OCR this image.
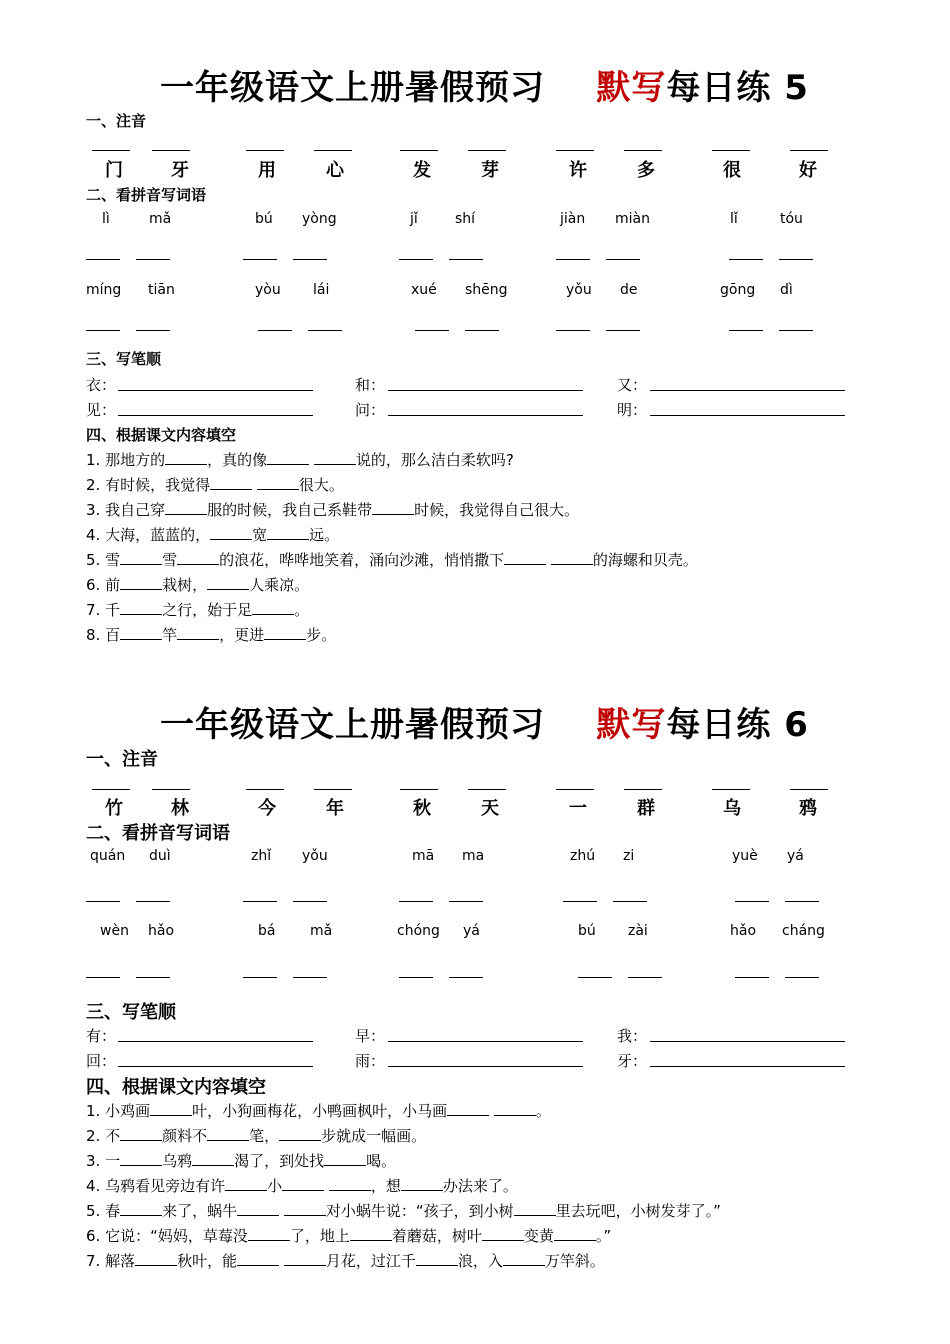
一年级语文上册暑假预习 默写每日练 5
一、注音
门	牙	用	心	发	芽	许	多	很	好
二、看拼音写词语
lì	mǎ	bú yòng	jǐ	shí	jiàn miàn	lǐ	tóu
míng tiān	yòu lái	xué shēng	yǒu de	gōng dì
三、写笔顺
衣：	和：	又：
见：	问：	明：
四、根据课文内容填空
1. 那地方的	，真的像	说的，那么洁白柔软吗?
2. 有时候，我觉得	很大。
3. 我自己穿	服的时候，我自己系鞋带	时候，我觉得自己很大。
4. 大海，蓝蓝的，	宽	远。
5. 雪	雪	的浪花，哗哗地笑着，涌向沙滩，悄悄撒下	的海螺和贝壳。
6. 前	栽树，	人乘凉。
7. 千	之行，始于足	。
8. 百	竿	，更进	步。
一年级语文上册暑假预习 默写每日练 6
一、注音
竹	林	今	年	秋	天	一	群	乌	鸦
二、看拼音写词语
quán duì	zhǐ yǒu	mā ma	zhú zi	yuè yá
wèn hǎo	bá mǎ	chóng yá	bú zài	hǎo cháng
三、写笔顺
有：	早：	我：
回：	雨：	牙：
四、根据课文内容填空
1. 小鸡画	叶，小狗画梅花，小鸭画枫叶，小马画	。
2. 不	颜料不	笔，	步就成一幅画。
3. 一	乌鸦	渴了，到处找	喝。
4. 乌鸦看见旁边有许	小	，想	办法来了。
5. 春	来了，蜗牛	对小蜗牛说：“孩子，到小树	里去玩吧，小树发芽了。”
6. 它说：“妈妈，草莓没	了，地上	着蘑菇，树叶	变黄	。”
7. 解落	秋叶，能	月花，过江千	浪，入	万竿斜。
